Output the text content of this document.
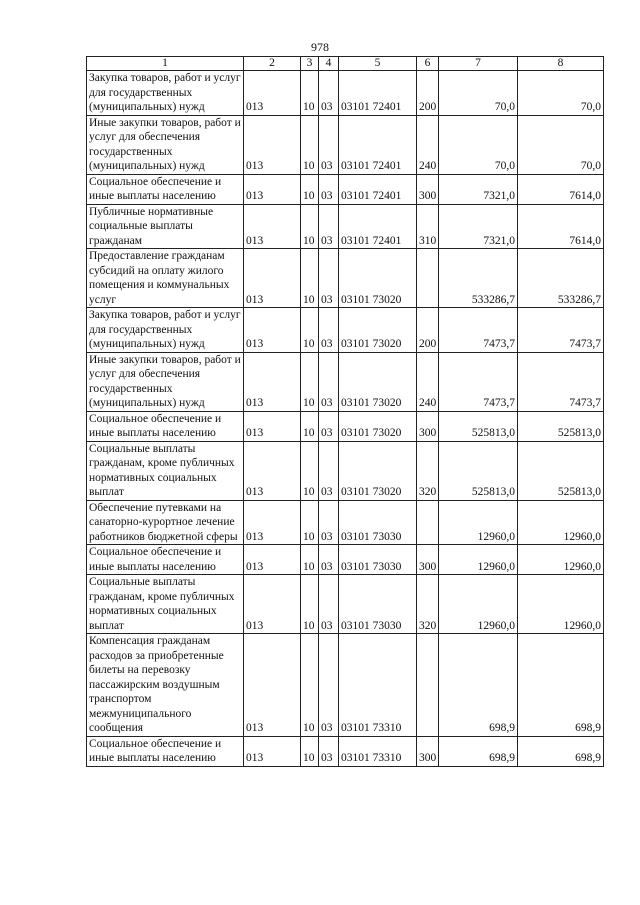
978
1	2	3	4	5	6	7	8
Закупка товаров, работ и услуг для государственных (муниципальных) нужд	013	10	03	03101 72401	200	70,0	70,0
Иные закупки товаров, работ и услуг для обеспечения государственных (муниципальных) нужд	013	10	03	03101 72401	240	70,0	70,0
Социальное обеспечение и иные выплаты населению	013	10	03	03101 72401	300	7321,0	7614,0
Публичные нормативные социальные выплаты гражданам	013	10	03	03101 72401	310	7321,0	7614,0
Предоставление гражданам субсидий на оплату жилого помещения и коммунальных услуг	013	10	03	03101 73020		533286,7	533286,7
Закупка товаров, работ и услуг для государственных (муниципальных) нужд	013	10	03	03101 73020	200	7473,7	7473,7
Иные закупки товаров, работ и услуг для обеспечения государственных (муниципальных) нужд	013	10	03	03101 73020	240	7473,7	7473,7
Социальное обеспечение и иные выплаты населению	013	10	03	03101 73020	300	525813,0	525813,0
Социальные выплаты гражданам, кроме публичных нормативных социальных выплат	013	10	03	03101 73020	320	525813,0	525813,0
Обеспечение путевками на санаторно-курортное лечение работников бюджетной сферы	013	10	03	03101 73030		12960,0	12960,0
Социальное обеспечение и иные выплаты населению	013	10	03	03101 73030	300	12960,0	12960,0
Социальные выплаты гражданам, кроме публичных нормативных социальных выплат	013	10	03	03101 73030	320	12960,0	12960,0
Компенсация гражданам расходов за приобретенные билеты на перевозку пассажирским воздушным транспортом межмуниципального сообщения	013	10	03	03101 73310		698,9	698,9
Социальное обеспечение и иные выплаты населению	013	10	03	03101 73310	300	698,9	698,9
